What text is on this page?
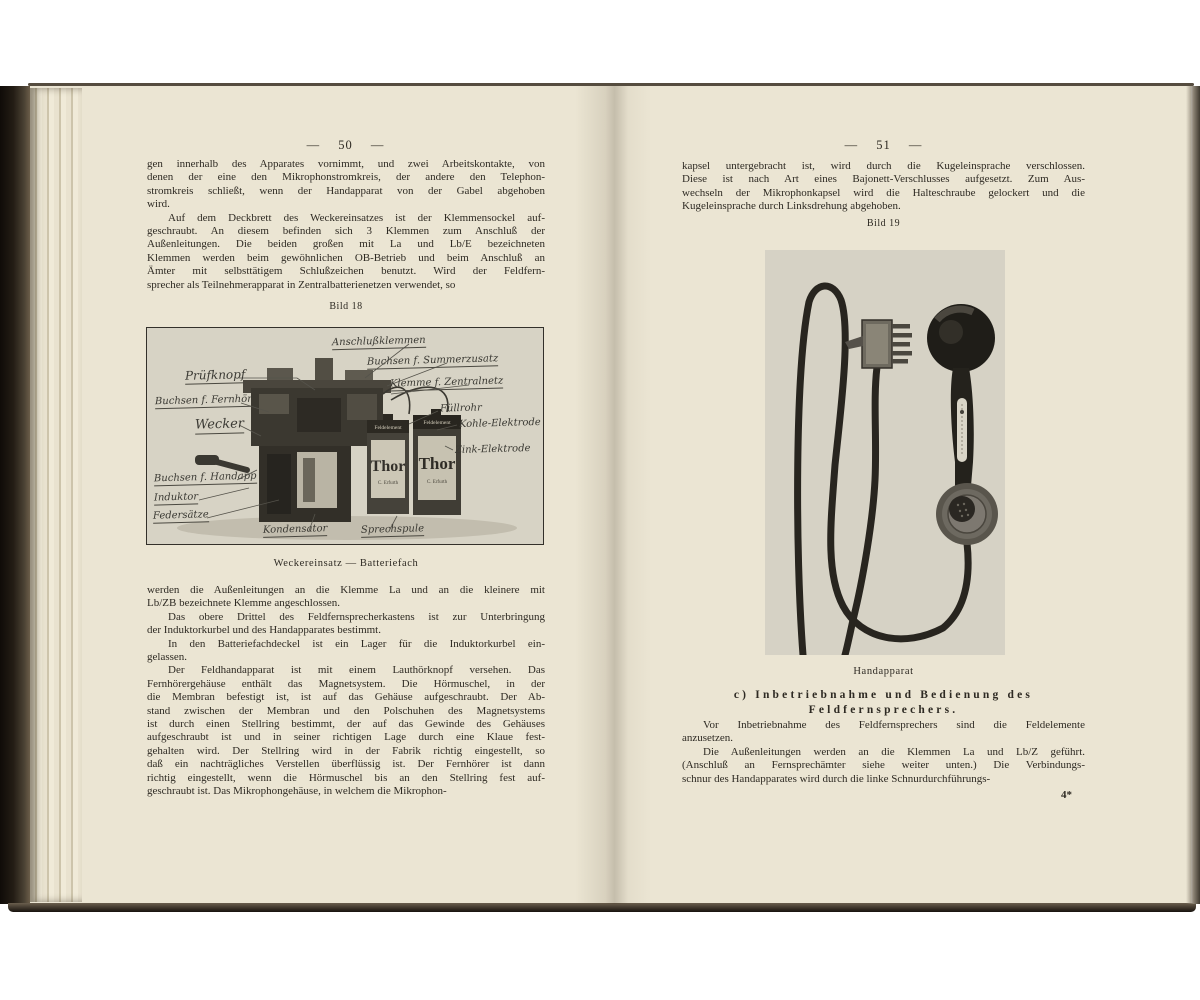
— 50 —
gen innerhalb des Apparates vornimmt, und zwei Arbeitskontakte, von
denen der eine den Mikrophonstromkreis, der andere den Telephon-
stromkreis schließt, wenn der Handapparat von der Gabel abgehoben
wird.
Auf dem Deckbrett des Weckereinsatzes ist der Klemmensockel auf-
geschraubt. An diesem befinden sich 3 Klemmen zum Anschluß der
Außenleitungen. Die beiden großen mit La und Lb/E bezeichneten
Klemmen werden beim gewöhnlichen OB-Betrieb und beim Anschluß an
Ämter mit selbsttätigem Schlußzeichen benutzt. Wird der Feldfern-
sprecher als Teilnehmerapparat in Zentralbatterienetzen verwendet, so
Bild 18
Feldelement
Feldelement
Thor Thor
C. Erfurth	C. Erfurth
Anschlußklemmen
Buchsen f. Summerzusatz
Prüfknopf	Klemme f. Zentralnetz
Buchsen f. Fernhör
Füllrohr
Wecker	Kohle-Elektrode
Zink-Elektrode
Buchsen f. Handapp
Induktor
Federsätze
Kondensator	Sprechspule
Weckereinsatz — Batteriefach
werden die Außenleitungen an die Klemme La und an die kleinere mit
Lb/ZB bezeichnete Klemme angeschlossen.
Das obere Drittel des Feldfernsprecherkastens ist zur Unterbringung
der Induktorkurbel und des Handapparates bestimmt.
In den Batteriefachdeckel ist ein Lager für die Induktorkurbel ein-
gelassen.
Der Feldhandapparat ist mit einem Lauthörknopf versehen. Das
Fernhörergehäuse enthält das Magnetsystem. Die Hörmuschel, in der
die Membran befestigt ist, ist auf das Gehäuse aufgeschraubt. Der Ab-
stand zwischen der Membran und den Polschuhen des Magnetsystems
ist durch einen Stellring bestimmt, der auf das Gewinde des Gehäuses
aufgeschraubt ist und in seiner richtigen Lage durch eine Klaue fest-
gehalten wird. Der Stellring wird in der Fabrik richtig eingestellt, so
daß ein nachträgliches Verstellen überflüssig ist. Der Fernhörer ist dann
richtig eingestellt, wenn die Hörmuschel bis an den Stellring fest auf-
geschraubt ist. Das Mikrophongehäuse, in welchem die Mikrophon-
— 51 —
kapsel untergebracht ist, wird durch die Kugeleinsprache verschlossen.
Diese ist nach Art eines Bajonett-Verschlusses aufgesetzt. Zum Aus-
wechseln der Mikrophonkapsel wird die Halteschraube gelockert und die
Kugeleinsprache durch Linksdrehung abgehoben.
Bild 19
Handapparat
c) Inbetriebnahme und Bedienung des
Feldfernsprechers.
Vor Inbetriebnahme des Feldfernsprechers sind die Feldelemente
anzusetzen.
Die Außenleitungen werden an die Klemmen La und Lb/Z geführt.
(Anschluß an Fernsprechämter siehe weiter unten.) Die Verbindungs-
schnur des Handapparates wird durch die linke Schnurdurchführungs-
4*
